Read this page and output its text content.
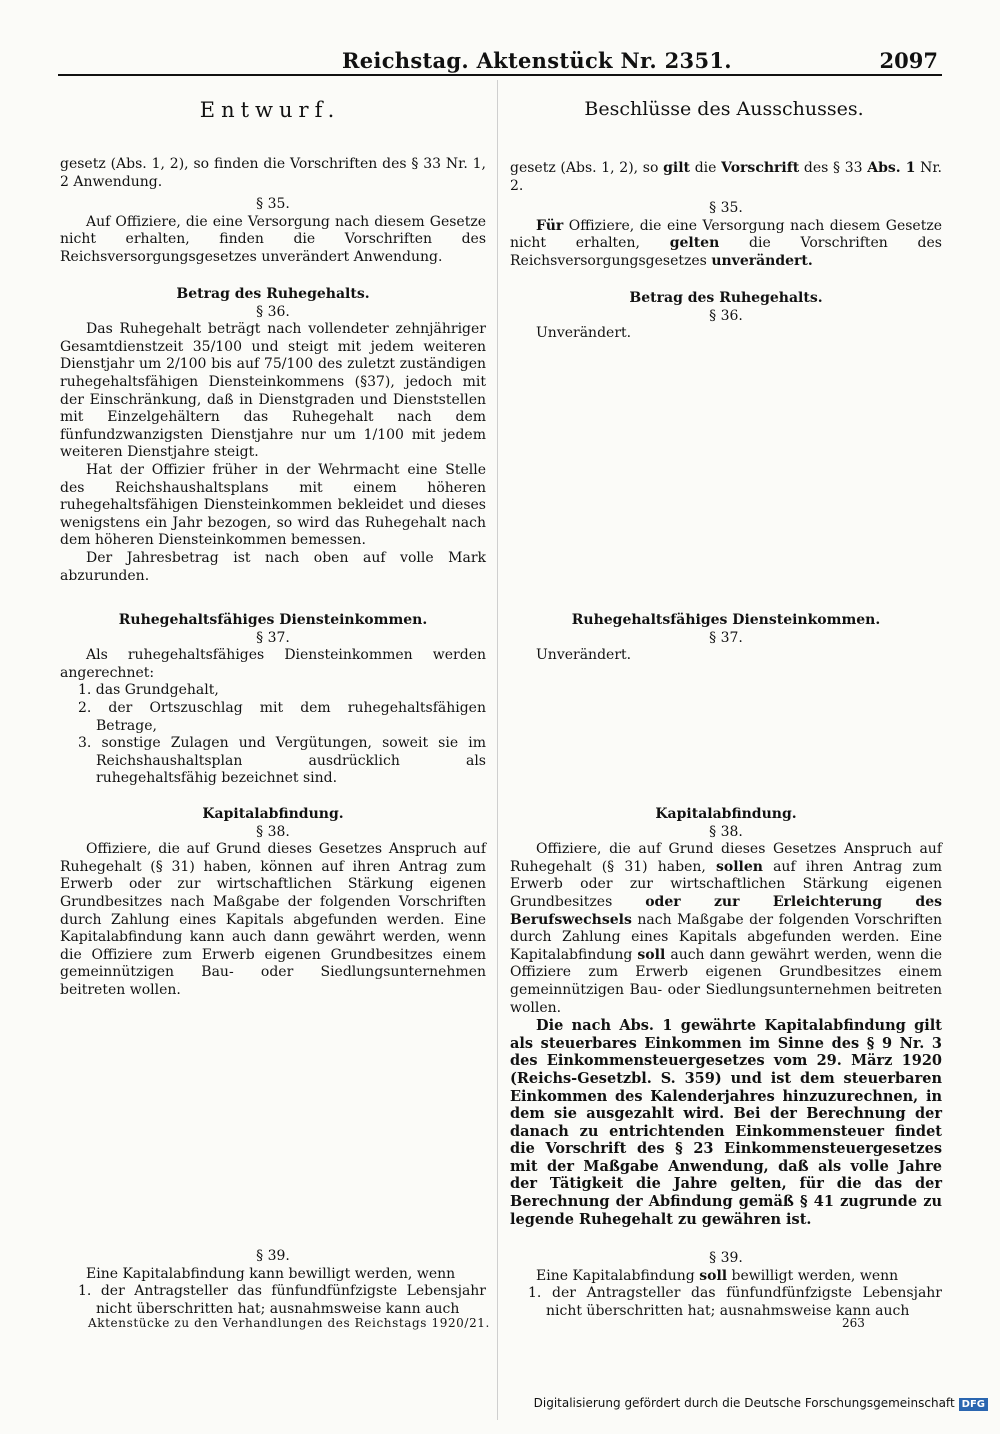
Reichstag. Aktenstück Nr. 2351.	2097
Entwurf.	Beschlüsse des Ausschusses.

gesetz (Abs. 1, 2), so finden die Vorschriften des § 33 Nr. 1, 2 Anwendung.

§ 35.

Auf Offiziere, die eine Versorgung nach diesem Gesetze nicht erhalten, finden die Vorschriften des Reichsversorgungsgesetzes unverändert Anwendung.

Betrag des Ruhegehalts.

§ 36.

Das Ruhegehalt beträgt nach vollendeter zehnjähriger Gesamtdienstzeit 35/100 und steigt mit jedem weiteren Dienstjahr um 2/100 bis auf 75/100 des zuletzt zuständigen ruhegehaltsfähigen Diensteinkommens (§37), jedoch mit der Einschränkung, daß in Dienstgraden und Dienststellen mit Einzelgehältern das Ruhegehalt nach dem fünfundzwanzigsten Dienstjahre nur um 1/100 mit jedem weiteren Dienstjahre steigt.

Hat der Offizier früher in der Wehrmacht eine Stelle des Reichshaushaltsplans mit einem höheren ruhegehaltsfähigen Diensteinkommen bekleidet und dieses wenigstens ein Jahr bezogen, so wird das Ruhegehalt nach dem höheren Diensteinkommen bemessen.

Der Jahresbetrag ist nach oben auf volle Mark abzurunden.

Ruhegehaltsfähiges Diensteinkommen.

§ 37.

Als ruhegehaltsfähiges Diensteinkommen werden angerechnet:

1. das Grundgehalt,

2. der Ortszuschlag mit dem ruhegehaltsfähigen Betrage,

3. sonstige Zulagen und Vergütungen, soweit sie im Reichshaushaltsplan ausdrücklich als ruhegehaltsfähig bezeichnet sind.

Kapitalabfindung.

§ 38.

Offiziere, die auf Grund dieses Gesetzes Anspruch auf Ruhegehalt (§ 31) haben, können auf ihren Antrag zum Erwerb oder zur wirtschaftlichen Stärkung eigenen Grundbesitzes nach Maßgabe der folgenden Vorschriften durch Zahlung eines Kapitals abgefunden werden. Eine Kapitalabfindung kann auch dann gewährt werden, wenn die Offiziere zum Erwerb eigenen Grundbesitzes einem gemeinnützigen Bau- oder Siedlungsunternehmen beitreten wollen.

§ 39.

Eine Kapitalabfindung kann bewilligt werden, wenn

1. der Antragsteller das fünfundfünfzigste Lebensjahr nicht überschritten hat; ausnahmsweise kann auch

gesetz (Abs. 1, 2), so gilt die Vorschrift des § 33 Abs. 1 Nr. 2.

§ 35.

Für Offiziere, die eine Versorgung nach diesem Gesetze nicht erhalten, gelten die Vorschriften des Reichsversorgungsgesetzes unverändert.

Betrag des Ruhegehalts.

§ 36.

Unverändert.

Ruhegehaltsfähiges Diensteinkommen.

§ 37.

Unverändert.

Kapitalabfindung.

§ 38.

Offiziere, die auf Grund dieses Gesetzes Anspruch auf Ruhegehalt (§ 31) haben, sollen auf ihren Antrag zum Erwerb oder zur wirtschaftlichen Stärkung eigenen Grundbesitzes oder zur Erleichterung des Berufswechsels nach Maßgabe der folgenden Vorschriften durch Zahlung eines Kapitals abgefunden werden. Eine Kapitalabfindung soll auch dann gewährt werden, wenn die Offiziere zum Erwerb eigenen Grundbesitzes einem gemeinnützigen Bau- oder Siedlungsunternehmen beitreten wollen.

Die nach Abs. 1 gewährte Kapitalabfindung gilt als steuerbares Einkommen im Sinne des § 9 Nr. 3 des Einkommensteuergesetzes vom 29. März 1920 (Reichs-Gesetzbl. S. 359) und ist dem steuerbaren Einkommen des Kalenderjahres hinzuzurechnen, in dem sie ausgezahlt wird. Bei der Berechnung der danach zu entrichtenden Einkommensteuer findet die Vorschrift des § 23 Einkommensteuergesetzes mit der Maßgabe Anwendung, daß als volle Jahre der Tätigkeit die Jahre gelten, für die das der Berechnung der Abfindung gemäß § 41 zugrunde zu legende Ruhegehalt zu gewähren ist.

§ 39.

Eine Kapitalabfindung soll bewilligt werden, wenn

1. der Antragsteller das fünfundfünfzigste Lebensjahr nicht überschritten hat; ausnahmsweise kann auch

Aktenstücke zu den Verhandlungen des Reichstags 1920/21.	263
Digitalisierung gefördert durch die Deutsche Forschungsgemeinschaft DFG
